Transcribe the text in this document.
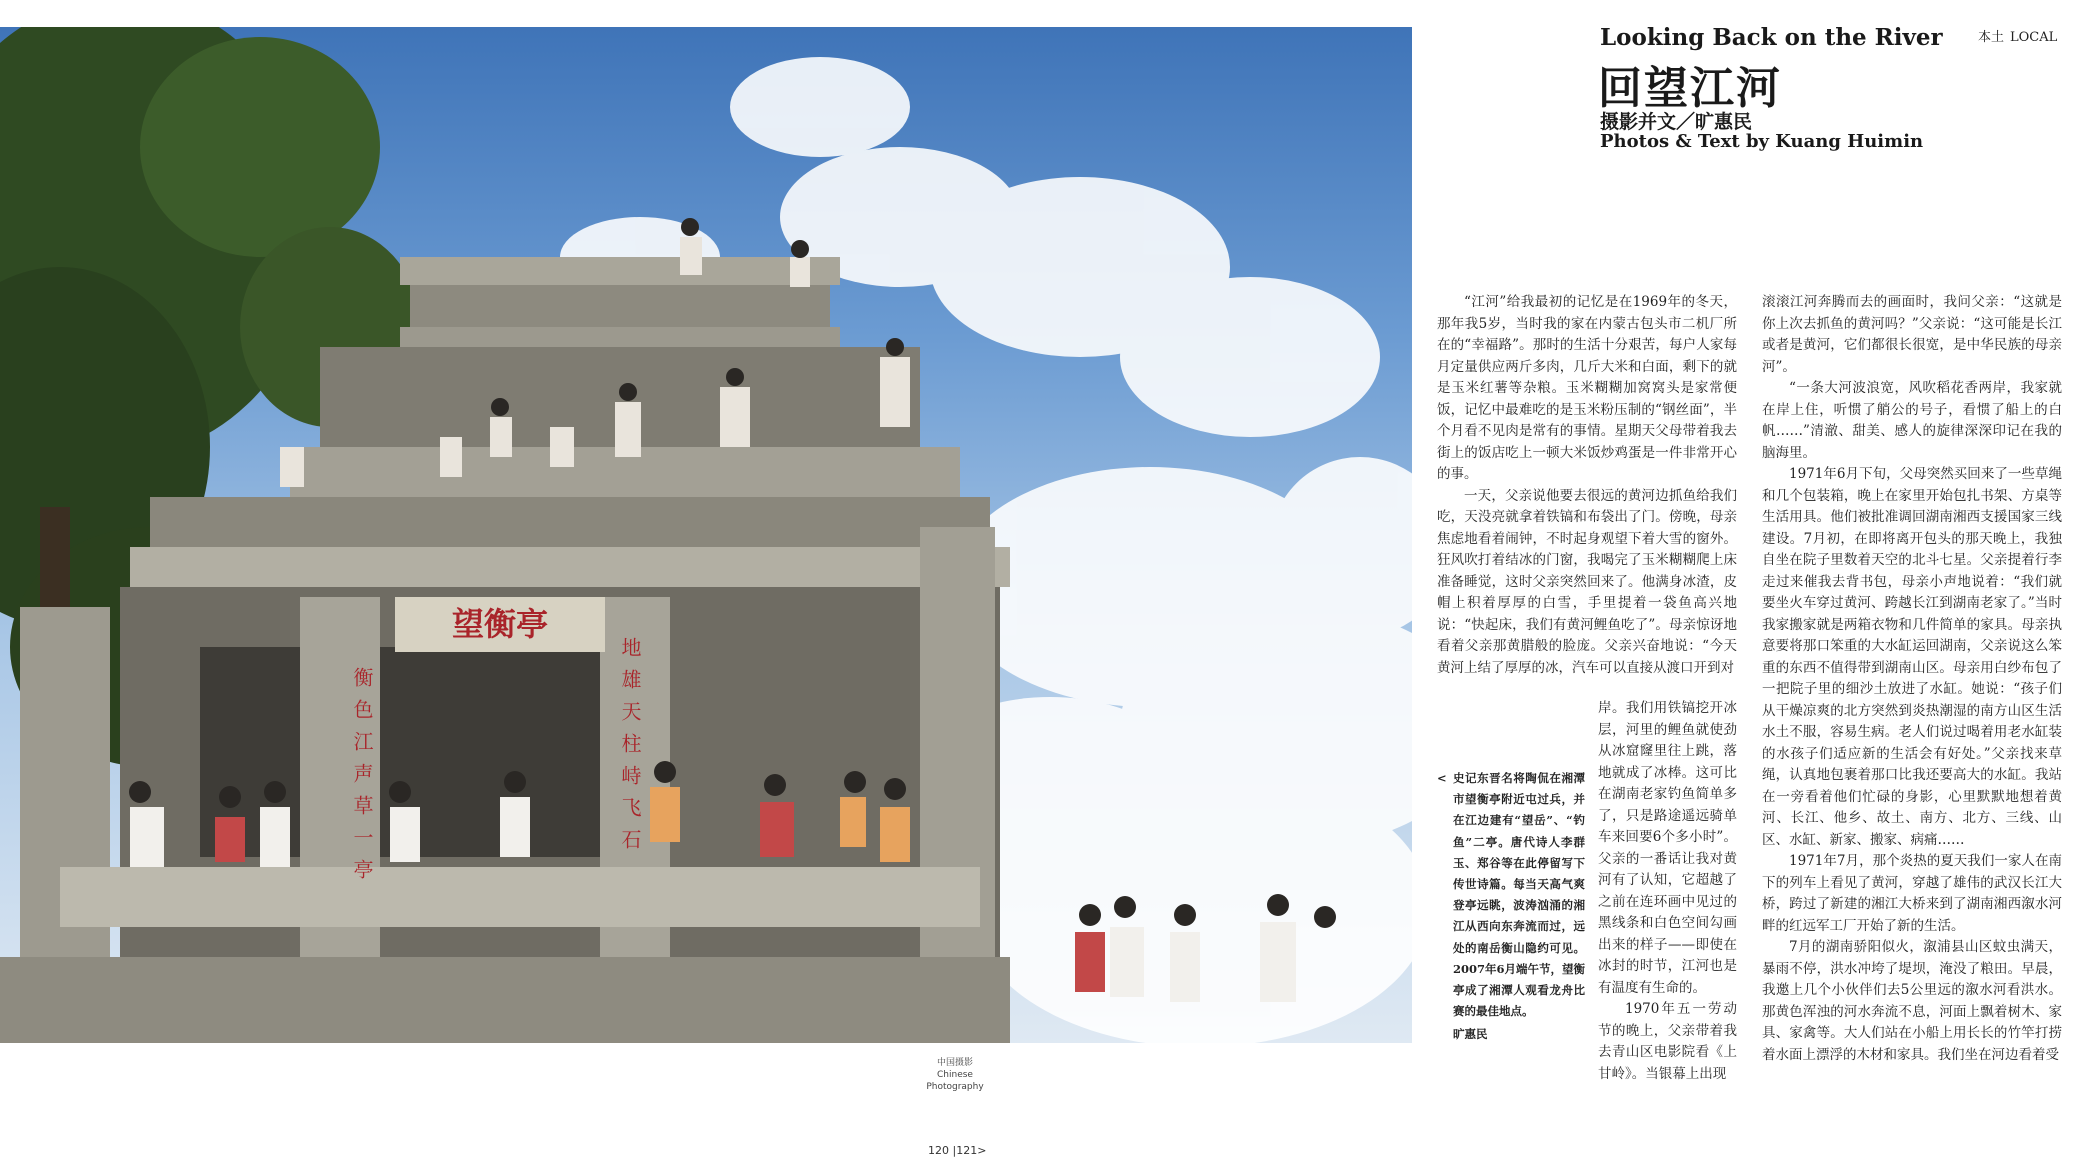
望衡亭
衡色江声草一亭	地雄天柱峙飞石
中国摄影
Chinese
Photography
120 |121>
本土 LOCAL
Looking Back on the River
回望江河
摄影并文／旷惠民
Photos & Text by Kuang Huimin

“江河”给我最初的记忆是在1969年的冬天，那年我5岁，当时我的家在内蒙古包头市二机厂所在的“幸福路”。那时的生活十分艰苦，每户人家每月定量供应两斤多肉，几斤大米和白面，剩下的就是玉米红薯等杂粮。玉米糊糊加窝窝头是家常便饭，记忆中最难吃的是玉米粉压制的“钢丝面”，半个月看不见肉是常有的事情。星期天父母带着我去街上的饭店吃上一顿大米饭炒鸡蛋是一件非常开心的事。

一天，父亲说他要去很远的黄河边抓鱼给我们吃，天没亮就拿着铁镐和布袋出了门。傍晚，母亲焦虑地看着闹钟，不时起身观望下着大雪的窗外。狂风吹打着结冰的门窗，我喝完了玉米糊糊爬上床准备睡觉，这时父亲突然回来了。他满身冰渣，皮帽上积着厚厚的白雪，手里提着一袋鱼高兴地说：“快起床，我们有黄河鲤鱼吃了”。母亲惊讶地看着父亲那黄腊般的脸庞。父亲兴奋地说：“今天黄河上结了厚厚的冰，汽车可以直接从渡口开到对

< 史记东晋名将陶侃在湘潭市望衡亭附近屯过兵，并在江边建有“望岳”、“钓鱼”二亭。唐代诗人李群玉、郑谷等在此停留写下传世诗篇。每当天高气爽登亭远眺，波涛汹涌的湘江从西向东奔流而过，远处的南岳衡山隐约可见。2007年6月端午节，望衡亭成了湘潭人观看龙舟比赛的最佳地点。
旷惠民

岸。我们用铁镐挖开冰层，河里的鲤鱼就使劲从冰窟窿里往上跳，落地就成了冰棒。这可比在湖南老家钓鱼简单多了，只是路途遥远骑单车来回要6个多小时”。父亲的一番话让我对黄河有了认知，它超越了之前在连环画中见过的黑线条和白色空间勾画出来的样子——即使在冰封的时节，江河也是有温度有生命的。

1970年五一劳动节的晚上，父亲带着我去青山区电影院看《上甘岭》。当银幕上出现

滚滚江河奔腾而去的画面时，我问父亲：“这就是你上次去抓鱼的黄河吗？”父亲说：“这可能是长江或者是黄河，它们都很长很宽，是中华民族的母亲河”。

“一条大河波浪宽，风吹稻花香两岸，我家就在岸上住，听惯了艄公的号子，看惯了船上的白帆……”清澈、甜美、感人的旋律深深印记在我的脑海里。

1971年6月下旬，父母突然买回来了一些草绳和几个包装箱，晚上在家里开始包扎书架、方桌等生活用具。他们被批准调回湖南湘西支援国家三线建设。7月初，在即将离开包头的那天晚上，我独自坐在院子里数着天空的北斗七星。父亲提着行李走过来催我去背书包，母亲小声地说着：“我们就要坐火车穿过黄河、跨越长江到湖南老家了。”当时我家搬家就是两箱衣物和几件简单的家具。母亲执意要将那口笨重的大水缸运回湖南，父亲说这么笨重的东西不值得带到湖南山区。母亲用白纱布包了一把院子里的细沙土放进了水缸。她说：“孩子们从干燥凉爽的北方突然到炎热潮湿的南方山区生活水土不服，容易生病。老人们说过喝着用老水缸装的水孩子们适应新的生活会有好处。”父亲找来草绳，认真地包裹着那口比我还要高大的水缸。我站在一旁看着他们忙碌的身影，心里默默地想着黄河、长江、他乡、故土、南方、北方、三线、山区、水缸、新家、搬家、病痛……

1971年7月，那个炎热的夏天我们一家人在南下的列车上看见了黄河，穿越了雄伟的武汉长江大桥，跨过了新建的湘江大桥来到了湖南湘西溆水河畔的红远军工厂开始了新的生活。

7月的湖南骄阳似火，溆浦县山区蚊虫满天，暴雨不停，洪水冲垮了堤坝，淹没了粮田。早晨，我邀上几个小伙伴们去5公里远的溆水河看洪水。那黄色浑浊的河水奔流不息，河面上飘着树木、家具、家禽等。大人们站在小船上用长长的竹竿打捞着水面上漂浮的木材和家具。我们坐在河边看着受
